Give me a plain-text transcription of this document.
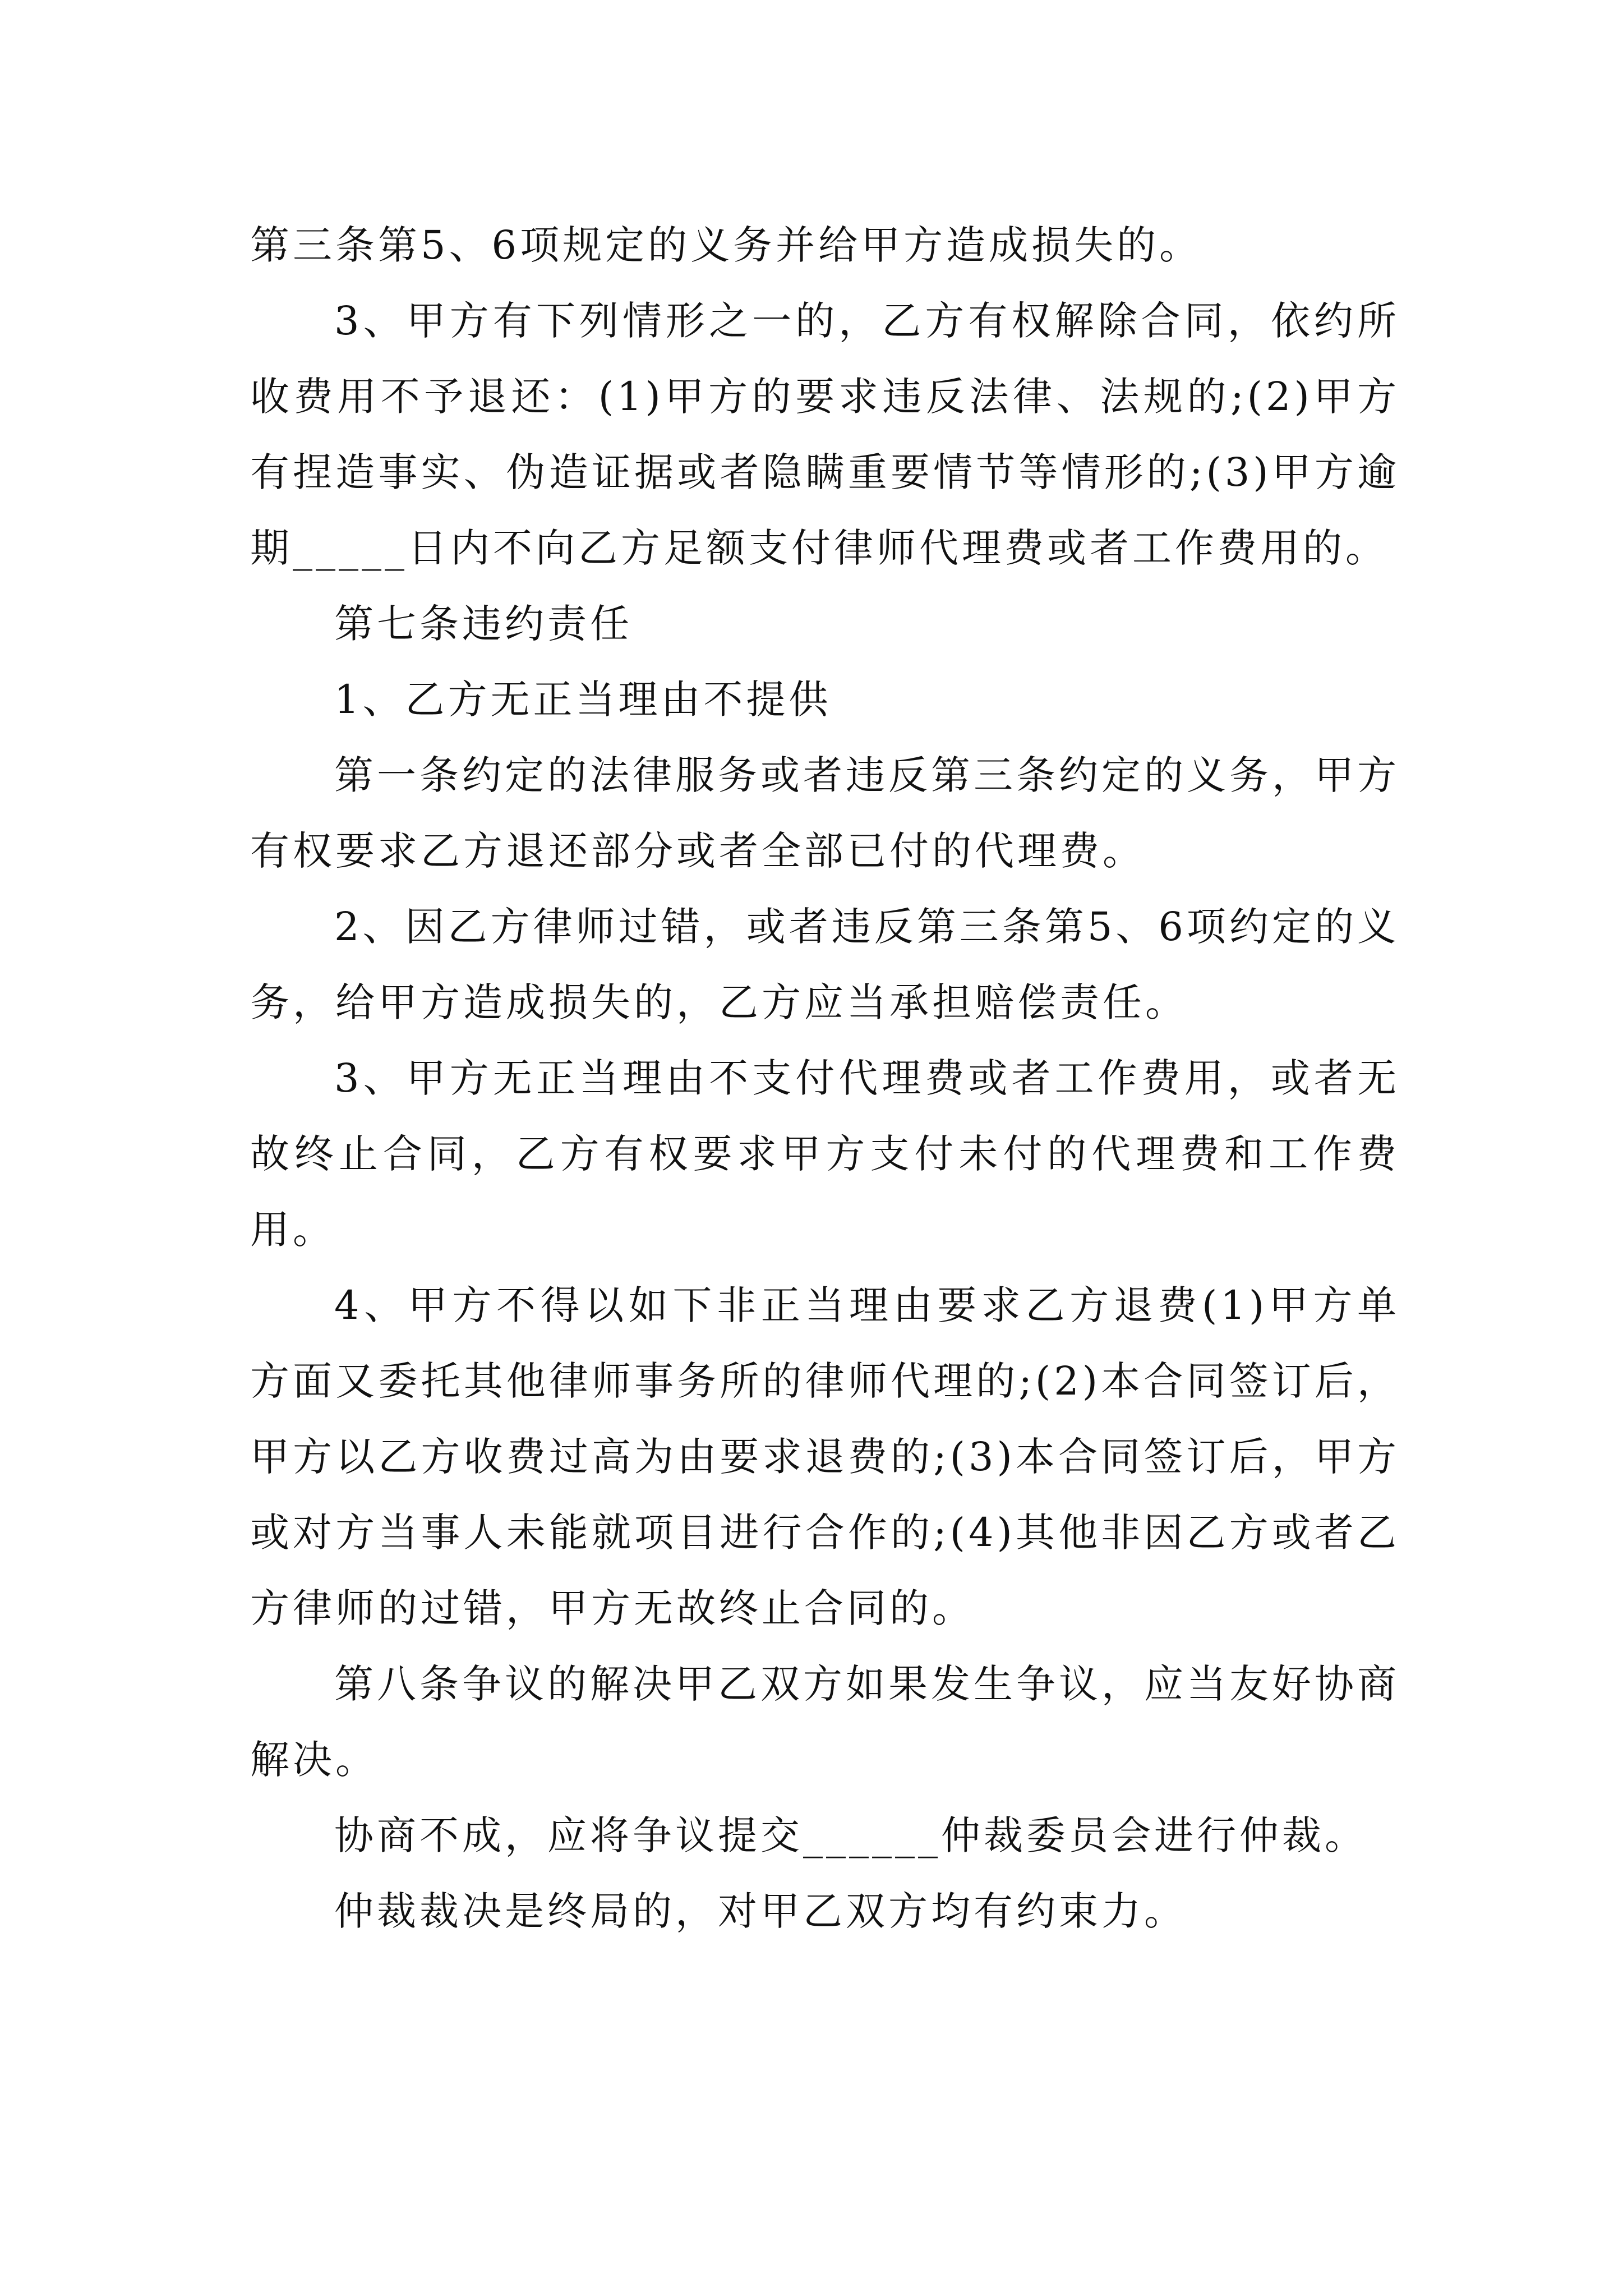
第三条第5、6项规定的义务并给甲方造成损失的。

3、甲方有下列情形之一的，乙方有权解除合同，依约所收费用不予退还：(1)甲方的要求违反法律、法规的;(2)甲方有捏造事实、伪造证据或者隐瞒重要情节等情形的;(3)甲方逾期_____日内不向乙方足额支付律师代理费或者工作费用的。

第七条违约责任

1、乙方无正当理由不提供

第一条约定的法律服务或者违反第三条约定的义务，甲方有权要求乙方退还部分或者全部已付的代理费。

2、因乙方律师过错，或者违反第三条第5、6项约定的义务，给甲方造成损失的，乙方应当承担赔偿责任。

3、甲方无正当理由不支付代理费或者工作费用，或者无故终止合同，乙方有权要求甲方支付未付的代理费和工作费用。

4、甲方不得以如下非正当理由要求乙方退费(1)甲方单方面又委托其他律师事务所的律师代理的;(2)本合同签订后，甲方以乙方收费过高为由要求退费的;(3)本合同签订后，甲方或对方当事人未能就项目进行合作的;(4)其他非因乙方或者乙方律师的过错，甲方无故终止合同的。

第八条争议的解决甲乙双方如果发生争议，应当友好协商解决。

协商不成，应将争议提交______仲裁委员会进行仲裁。

仲裁裁决是终局的，对甲乙双方均有约束力。
